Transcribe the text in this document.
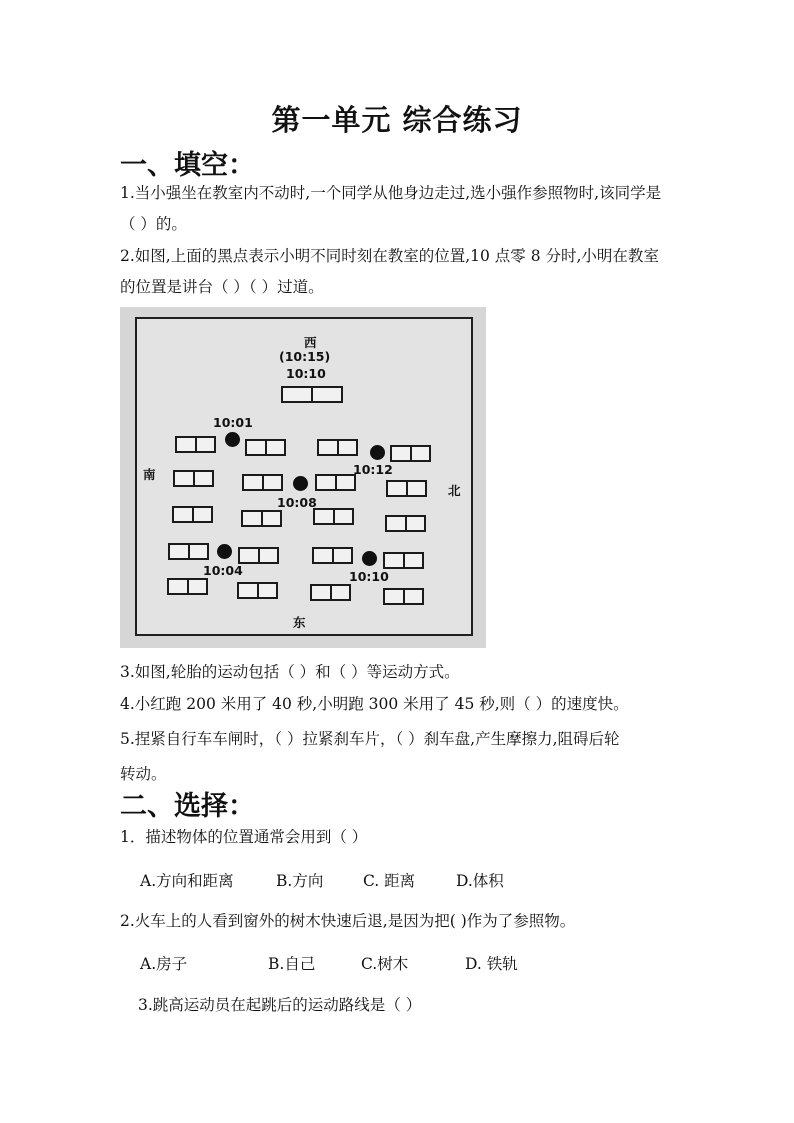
第一单元 综合练习
一、填空：
1.当小强坐在教室内不动时,一个同学从他身边走过,选小强作参照物时,该同学是
（ ）的。
2.如图,上面的黑点表示小明不同时刻在教室的位置,10 点零 8 分时,小明在教室
的位置是讲台（ ）（ ）过道。
西
(10:15)
10:10
南
北
东
10:01
10:12
10:08
10:04	10:10
3.如图,轮胎的运动包括（ ）和（ ）等运动方式。
4.小红跑 200 米用了 40 秒,小明跑 300 米用了 45 秒,则（ ）的速度快。
5.捏紧自行车车闸时，（ ）拉紧刹车片，（ ）刹车盘,产生摩擦力,阻碍后轮
转动。
二、选择：
1．描述物体的位置通常会用到（ ）
A.方向和距离	B.方向	C. 距离	D.体积
2.火车上的人看到窗外的树木快速后退,是因为把( )作为了参照物。
A.房子	B.自己	C.树木	D. 铁轨
3.跳高运动员在起跳后的运动路线是（ ）
